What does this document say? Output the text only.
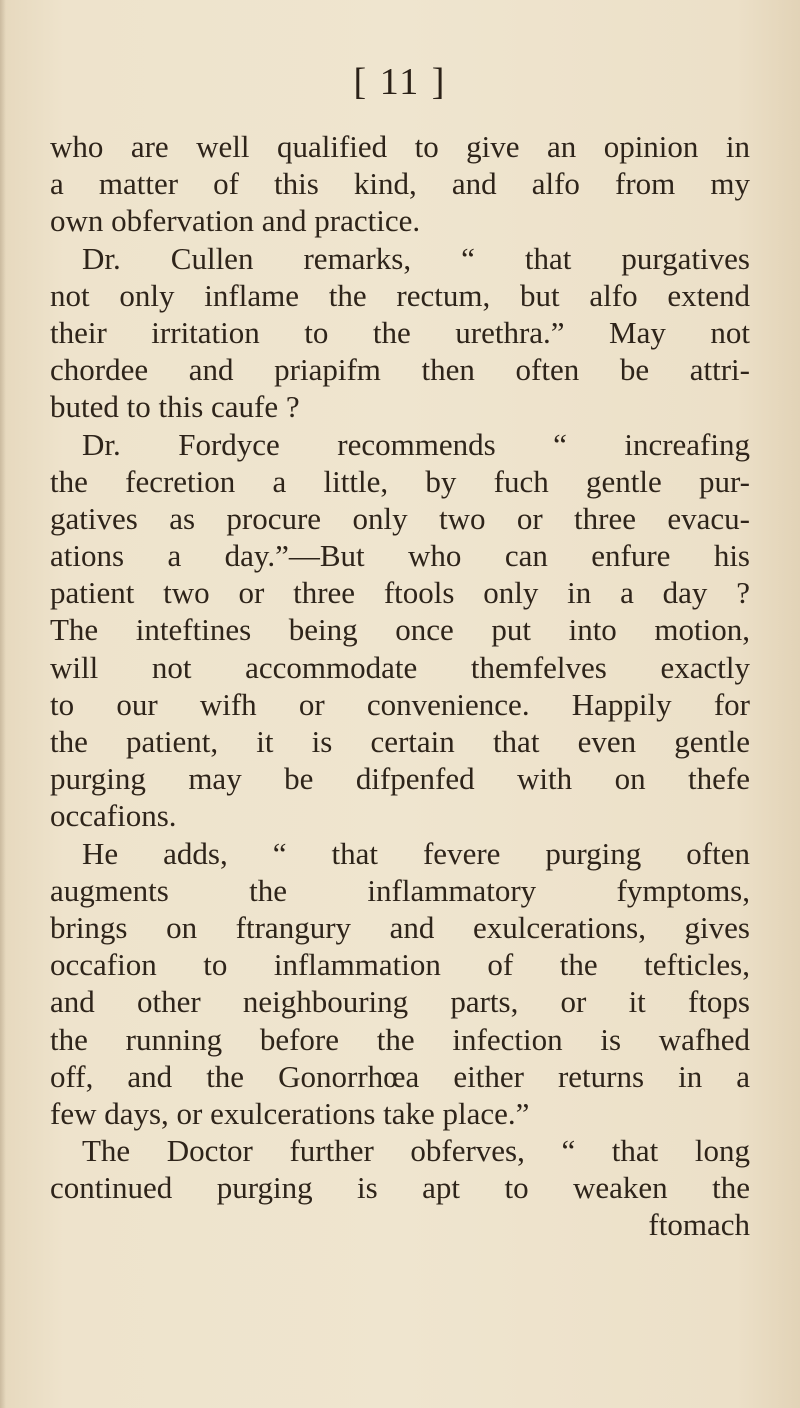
[ 11 ]
who are well qualified to give an opinion in
a matter of this kind, and alfo from my
own obfervation and practice.
Dr. Cullen remarks, “ that purgatives
not only inflame the rectum, but alfo extend
their irritation to the urethra.” May not
chordee and priapifm then often be attri-
buted to this caufe ?
Dr. Fordyce recommends “ increafing
the fecretion a little, by fuch gentle pur-
gatives as procure only two or three evacu-
ations a day.”—But who can enfure his
patient two or three ftools only in a day ?
The inteftines being once put into motion,
will not accommodate themfelves exactly
to our wifh or convenience. Happily for
the patient, it is certain that even gentle
purging may be difpenfed with on thefe
occafions.
He adds, “ that fevere purging often
augments the inflammatory fymptoms,
brings on ftrangury and exulcerations, gives
occafion to inflammation of the tefticles,
and other neighbouring parts, or it ftops
the running before the infection is wafhed
off, and the Gonorrhœa either returns in a
few days, or exulcerations take place.”
The Doctor further obferves, “ that long
continued purging is apt to weaken the
ftomach
